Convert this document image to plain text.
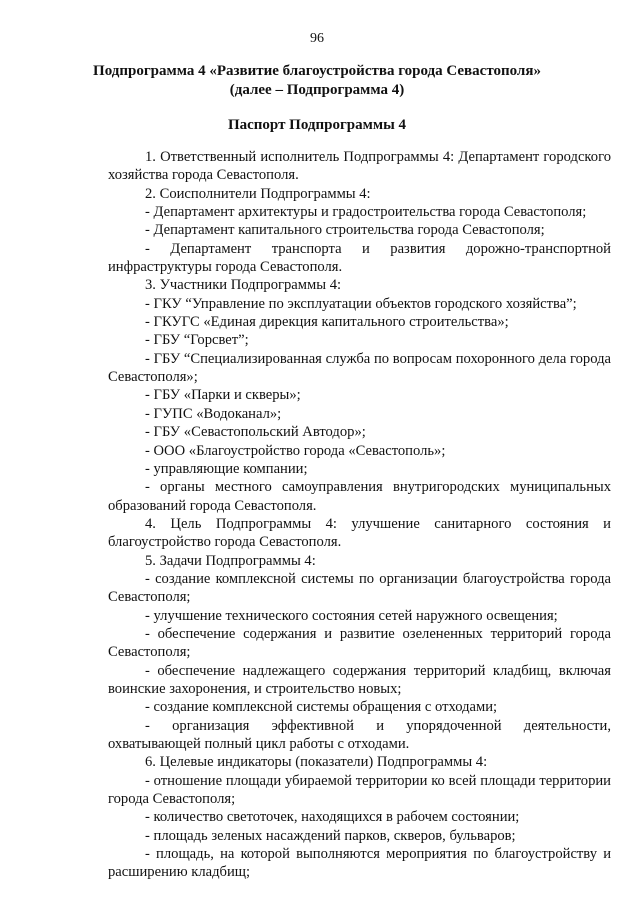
96
Подпрограмма 4 «Развитие благоустройства города Севастополя»
(далее – Подпрограмма 4)
Паспорт Подпрограммы 4

1. Ответственный исполнитель Подпрограммы 4: Департамент городского хозяйства города Севастополя.

2. Соисполнители Подпрограммы 4:

- Департамент архитектуры и градостроительства города Севастополя;

- Департамент капитального строительства города Севастополя;

- Департамент транспорта и развития дорожно-транспортной инфраструктуры города Севастополя.

3. Участники Подпрограммы 4:

- ГКУ “Управление по эксплуатации объектов городского хозяйства”;

- ГКУГС «Единая дирекция капитального строительства»;

- ГБУ “Горсвет”;

- ГБУ “Специализированная служба по вопросам похоронного дела города Севастополя»;

- ГБУ «Парки и скверы»;

- ГУПС «Водоканал»;

- ГБУ «Севастопольский Автодор»;

- ООО «Благоустройство города «Севастополь»;

- управляющие компании;

- органы местного самоуправления внутригородских муниципальных образований города Севастополя.

4. Цель Подпрограммы 4: улучшение санитарного состояния и благоустройство города Севастополя.

5. Задачи Подпрограммы 4:

- создание комплексной системы по организации благоустройства города Севастополя;

- улучшение технического состояния сетей наружного освещения;

- обеспечение содержания и развитие озелененных территорий города Севастополя;

- обеспечение надлежащего содержания территорий кладбищ, включая воинские захоронения, и строительство новых;

- создание комплексной системы обращения с отходами;

- организация эффективной и упорядоченной деятельности, охватывающей полный цикл работы с отходами.

6. Целевые индикаторы (показатели) Подпрограммы 4:

- отношение площади убираемой территории ко всей площади территории города Севастополя;

- количество светоточек, находящихся в рабочем состоянии;

- площадь зеленых насаждений парков, скверов, бульваров;

- площадь, на которой выполняются мероприятия по благоустройству и расширению кладбищ;
